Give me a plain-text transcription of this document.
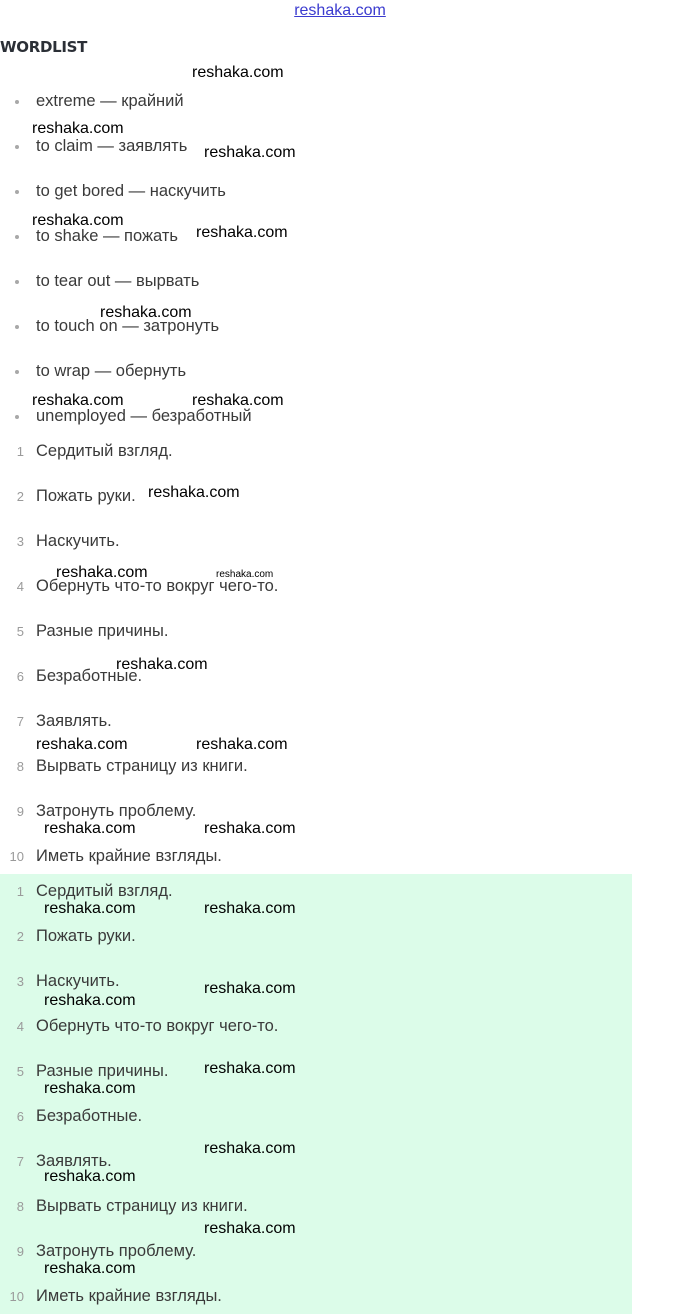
reshaka.com
WORDLIST
extreme — крайний
to claim — заявлять
to get bored — наскучить
to shake — пожать
to tear out — вырвать
to touch on — затронуть
to wrap — обернуть
unemployed — безработный
1 Сердитый взгляд.
2 Пожать руки.
3 Наскучить.
4 Обернуть что-то вокруг чего-то.
5 Разные причины.
6 Безработные.
7 Заявлять.
8 Вырвать страницу из книги.
9 Затронуть проблему.
10 Иметь крайние взгляды.
1 Сердитый взгляд.
2 Пожать руки.
3 Наскучить.
4 Обернуть что-то вокруг чего-то.
5 Разные причины.
6 Безработные.
7 Заявлять.
8 Вырвать страницу из книги.
9 Затронуть проблему.
10 Иметь крайние взгляды.
reshaka.com
reshaka.com
reshaka.com
reshaka.com
reshaka.com
reshaka.com
reshaka.com	reshaka.com
reshaka.com
reshaka.com	reshaka.com
reshaka.com
reshaka.com	reshaka.com
reshaka.com	reshaka.com
reshaka.com	reshaka.com
reshaka.com
reshaka.com
reshaka.com
reshaka.com
reshaka.com
reshaka.com
reshaka.com
reshaka.com
